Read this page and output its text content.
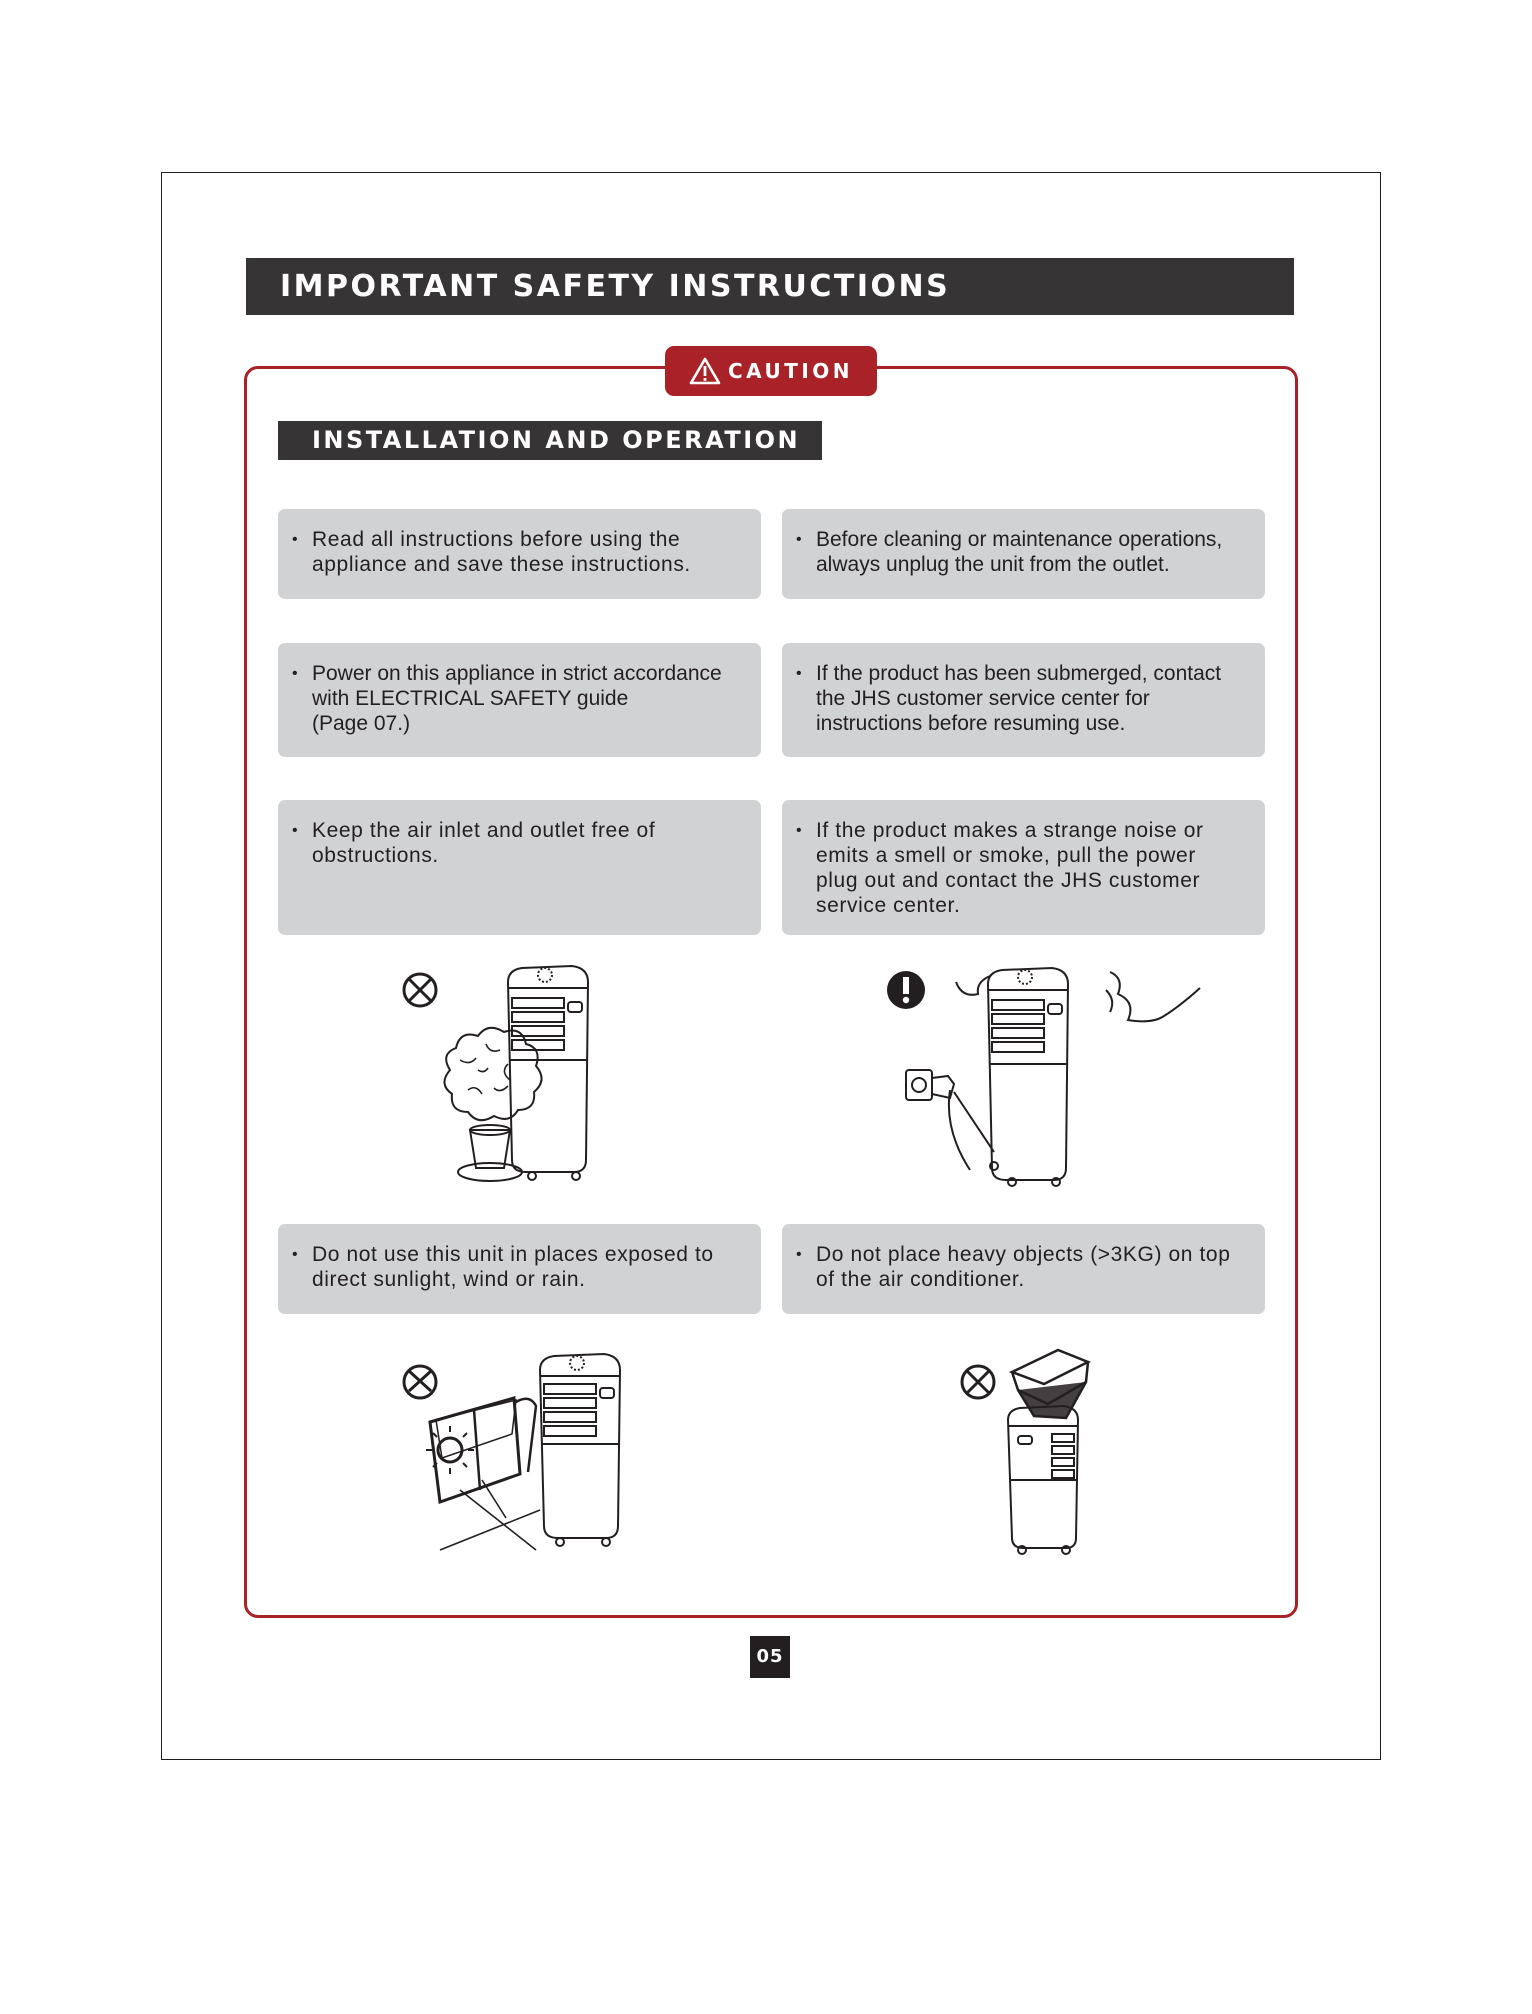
IMPORTANT SAFETY INSTRUCTIONS
CAUTION
INSTALLATION AND OPERATION
• Read all instructions before using the
appliance and save these instructions.
• Before cleaning or maintenance operations,
always unplug the unit from the outlet.
• Power on this appliance in strict accordance
with ELECTRICAL SAFETY guide
(Page 07.)
• If the product has been submerged, contact
the JHS customer service center for
instructions before resuming use.
• Keep the air inlet and outlet free of
obstructions.
• If the product makes a strange noise or
emits a smell or smoke, pull the power
plug out and contact the JHS customer
service center.
• Do not use this unit in places exposed to
direct sunlight, wind or rain.
• Do not place heavy objects (>3KG) on top
of the air conditioner.
05
